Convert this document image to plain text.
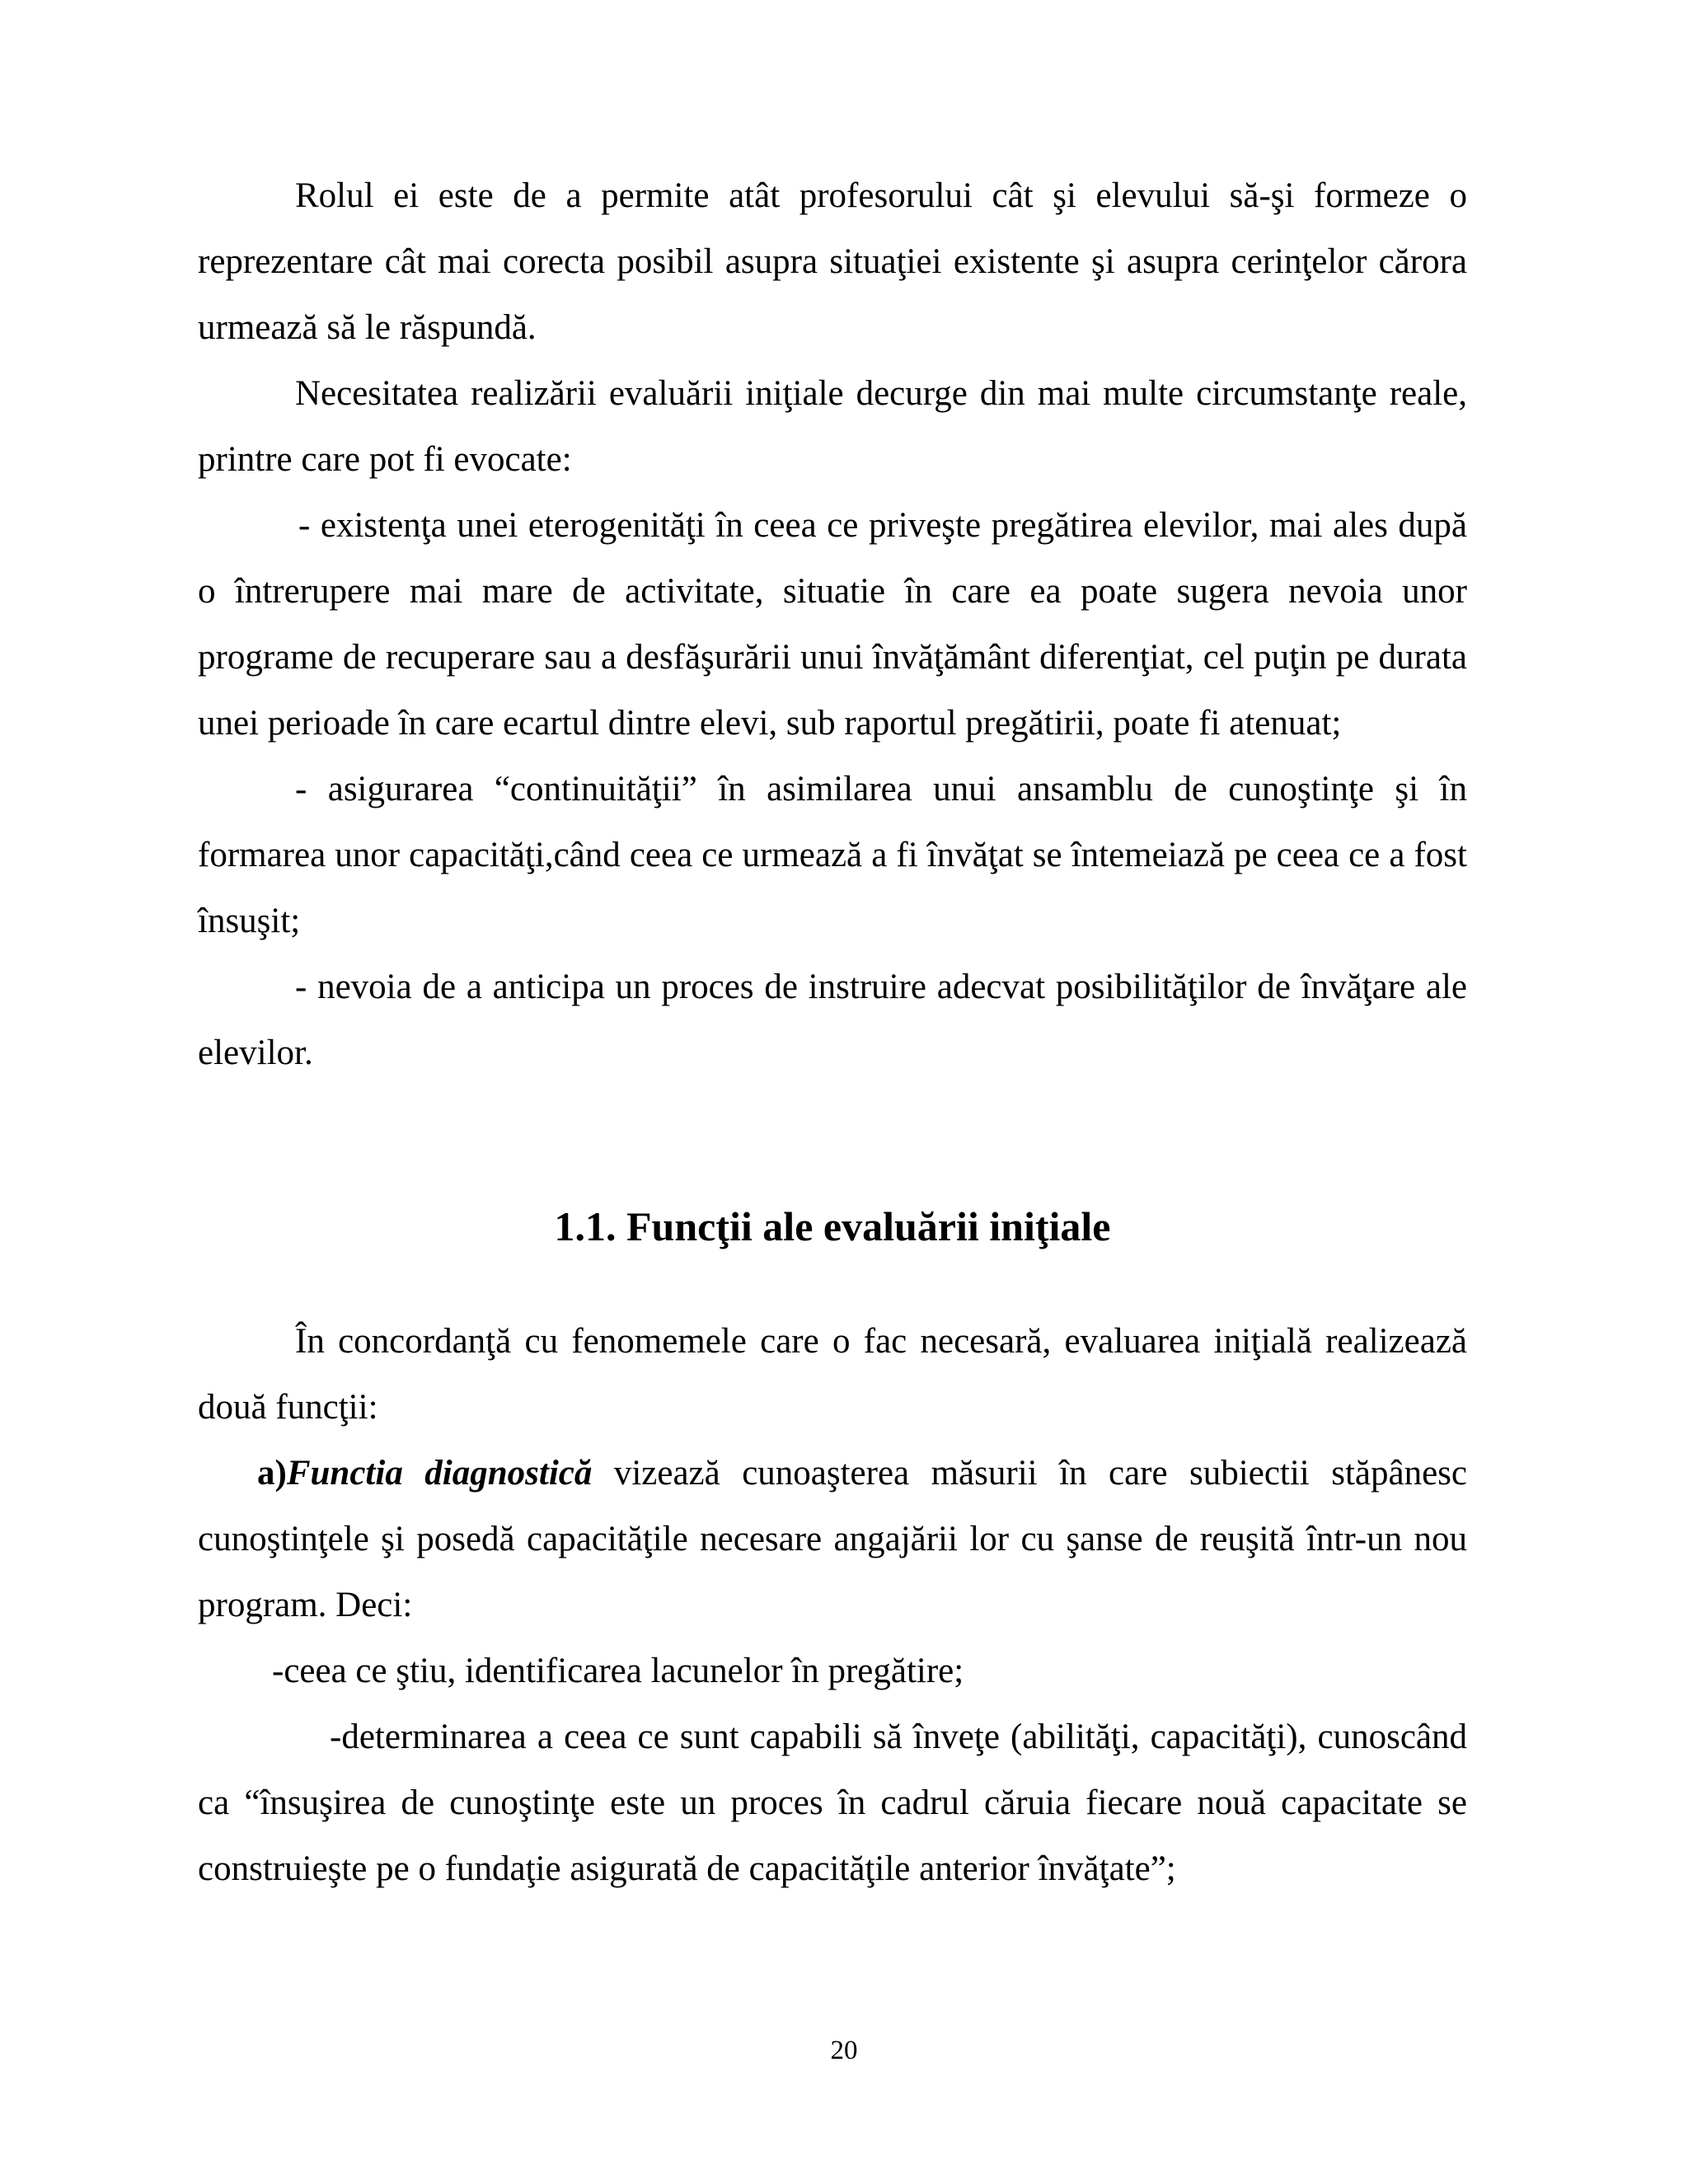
Rolul ei este de a permite atât profesorului cât şi elevului să-şi formeze o reprezentare cât mai corecta posibil asupra situaţiei existente şi asupra cerinţelor cărora urmează să le răspundă.

Necesitatea realizării evaluării iniţiale decurge din mai multe circumstanţe reale, printre care pot fi evocate:

- existenţa unei eterogenităţi în ceea ce priveşte pregătirea elevilor, mai ales după o întrerupere mai mare de activitate, situatie în care ea poate sugera nevoia unor programe de recuperare sau a desfăşurării unui învăţământ diferenţiat, cel puţin pe durata unei perioade în care ecartul dintre elevi, sub raportul pregătirii, poate fi atenuat;

- asigurarea “continuităţii” în asimilarea unui ansamblu de cunoştinţe şi în formarea unor capacităţi,când ceea ce urmează a fi învăţat se întemeiază pe ceea ce a fost însuşit;

- nevoia de a anticipa un proces de instruire adecvat posibilităţilor de învăţare ale elevilor.

1.1. Funcţii ale evaluării iniţiale

În concordanţă cu fenomemele care o fac necesară, evaluarea iniţială realizează două funcţii:

a)Functia diagnostică vizează cunoaşterea măsurii în care subiectii stăpânesc cunoştinţele şi posedă capacităţile necesare angajării lor cu şanse de reuşită într-un nou program. Deci:

-ceea ce ştiu, identificarea lacunelor în pregătire;

-determinarea a ceea ce sunt capabili să înveţe (abilităţi, capacităţi), cunoscând ca “însuşirea de cunoştinţe este un proces în cadrul căruia fiecare nouă capacitate se construieşte pe o fundaţie asigurată de capacităţile anterior învăţate”;

20
